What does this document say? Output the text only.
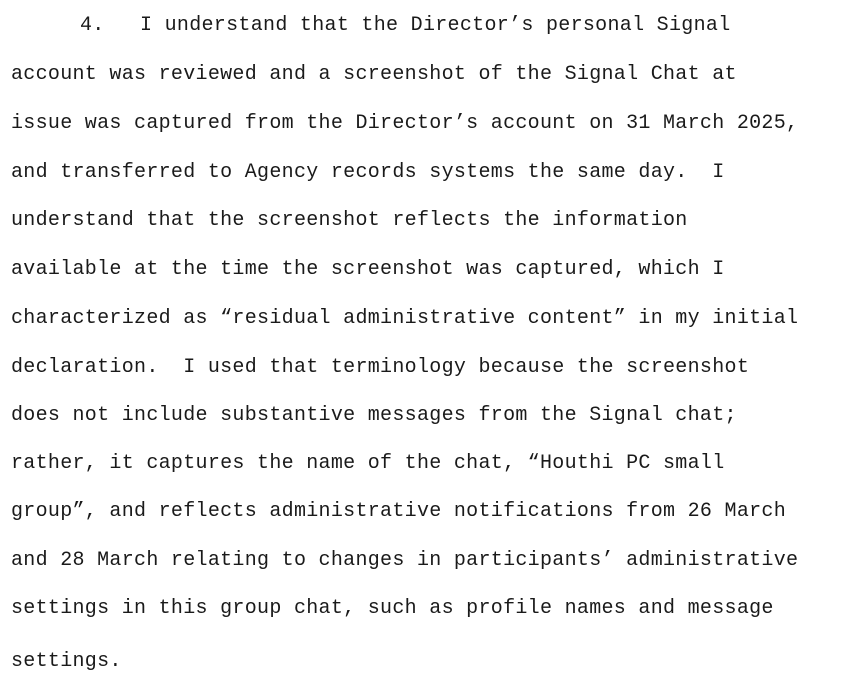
4. I understand that the Director’s personal Signal

account was reviewed and a screenshot of the Signal Chat at

issue was captured from the Director’s account on 31 March 2025,

and transferred to Agency records systems the same day.  I

understand that the screenshot reflects the information

available at the time the screenshot was captured, which I

characterized as “residual administrative content” in my initial

declaration.  I used that terminology because the screenshot

does not include substantive messages from the Signal chat;

rather, it captures the name of the chat, “Houthi PC small

group”, and reflects administrative notifications from 26 March

and 28 March relating to changes in participants’ administrative

settings in this group chat, such as profile names and message

settings.
